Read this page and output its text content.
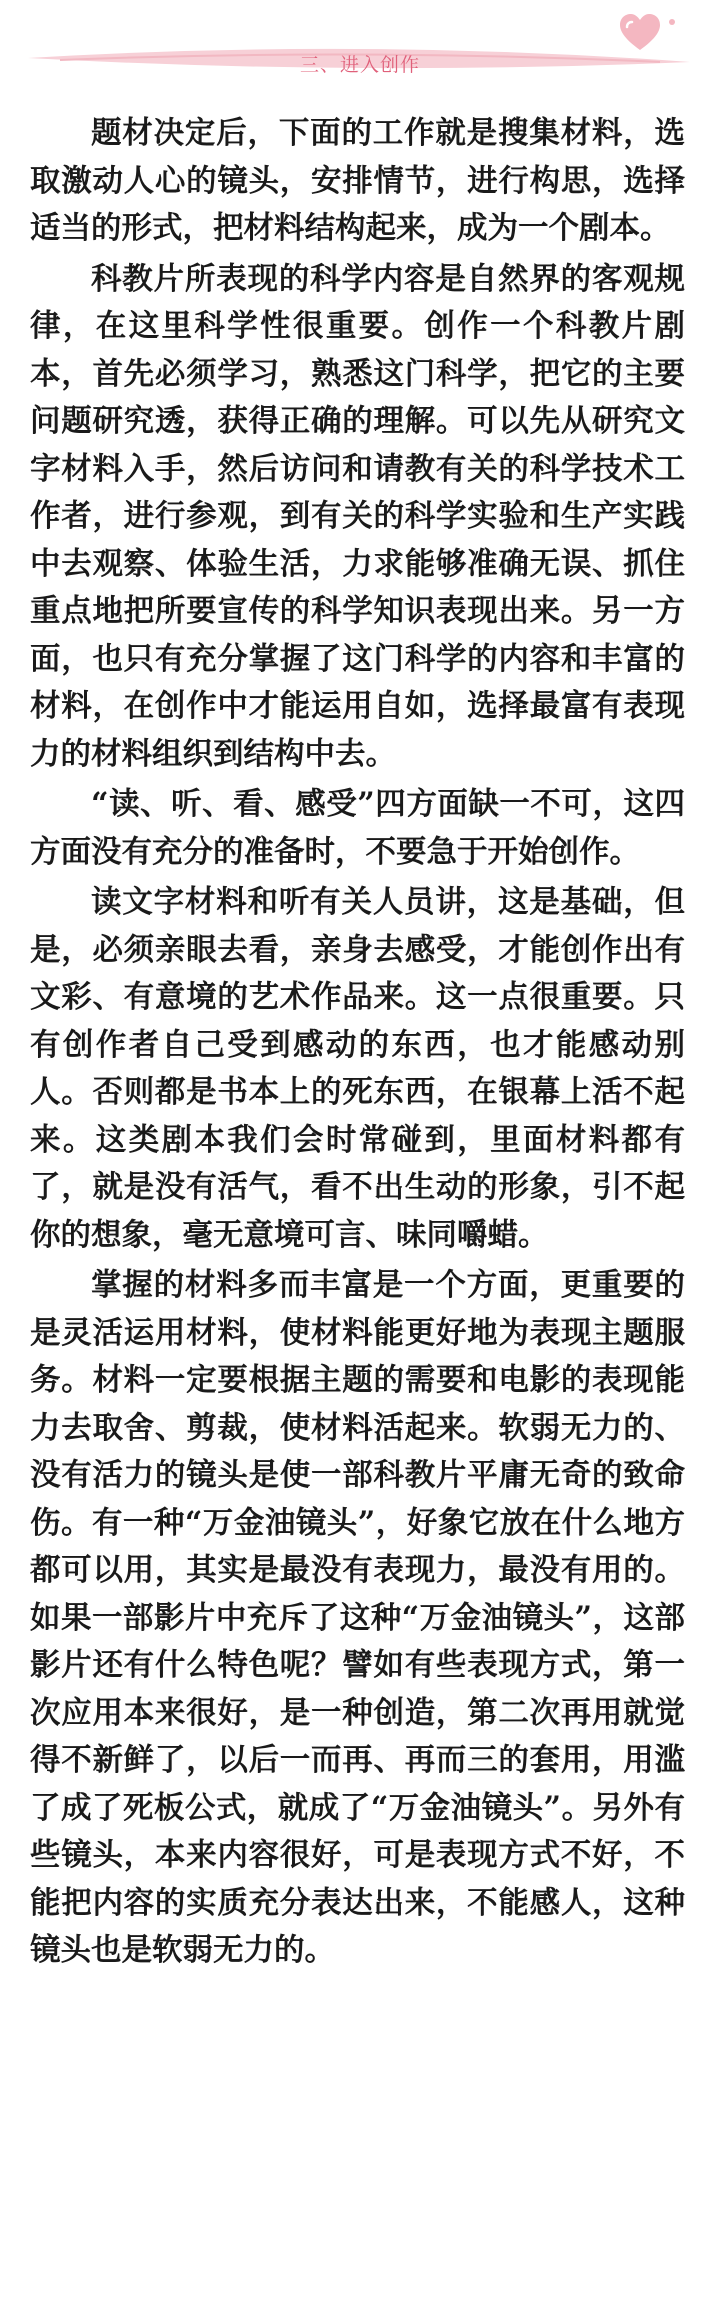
三、进入创作

题材决定后，下面的工作就是搜集材料，选取激动人心的镜头，安排情节，进行构思，选择适当的形式，把材料结构起来，成为一个剧本。

科教片所表现的科学内容是自然界的客观规律，在这里科学性很重要。创作一个科教片剧本，首先必须学习，熟悉这门科学，把它的主要问题研究透，获得正确的理解。可以先从研究文字材料入手，然后访问和请教有关的科学技术工作者，进行参观，到有关的科学实验和生产实践中去观察、体验生活，力求能够准确无误、抓住重点地把所要宣传的科学知识表现出来。另一方面，也只有充分掌握了这门科学的内容和丰富的材料，在创作中才能运用自如，选择最富有表现力的材料组织到结构中去。

“读、听、看、感受”四方面缺一不可，这四方面没有充分的准备时，不要急于开始创作。

读文字材料和听有关人员讲，这是基础，但是，必须亲眼去看，亲身去感受，才能创作出有文彩、有意境的艺术作品来。这一点很重要。只有创作者自己受到感动的东西，也才能感动别人。否则都是书本上的死东西，在银幕上活不起来。这类剧本我们会时常碰到，里面材料都有了，就是没有活气，看不出生动的形象，引不起你的想象，毫无意境可言、味同嚼蜡。

掌握的材料多而丰富是一个方面，更重要的是灵活运用材料，使材料能更好地为表现主题服务。材料一定要根据主题的需要和电影的表现能力去取舍、剪裁，使材料活起来。软弱无力的、没有活力的镜头是使一部科教片平庸无奇的致命伤。有一种“万金油镜头”，好象它放在什么地方都可以用，其实是最没有表现力，最没有用的。如果一部影片中充斥了这种“万金油镜头”，这部影片还有什么特色呢？譬如有些表现方式，第一次应用本来很好，是一种创造，第二次再用就觉得不新鲜了，以后一而再、再而三的套用，用滥了成了死板公式，就成了“万金油镜头”。另外有些镜头，本来内容很好，可是表现方式不好，不能把内容的实质充分表达出来，不能感人，这种镜头也是软弱无力的。
